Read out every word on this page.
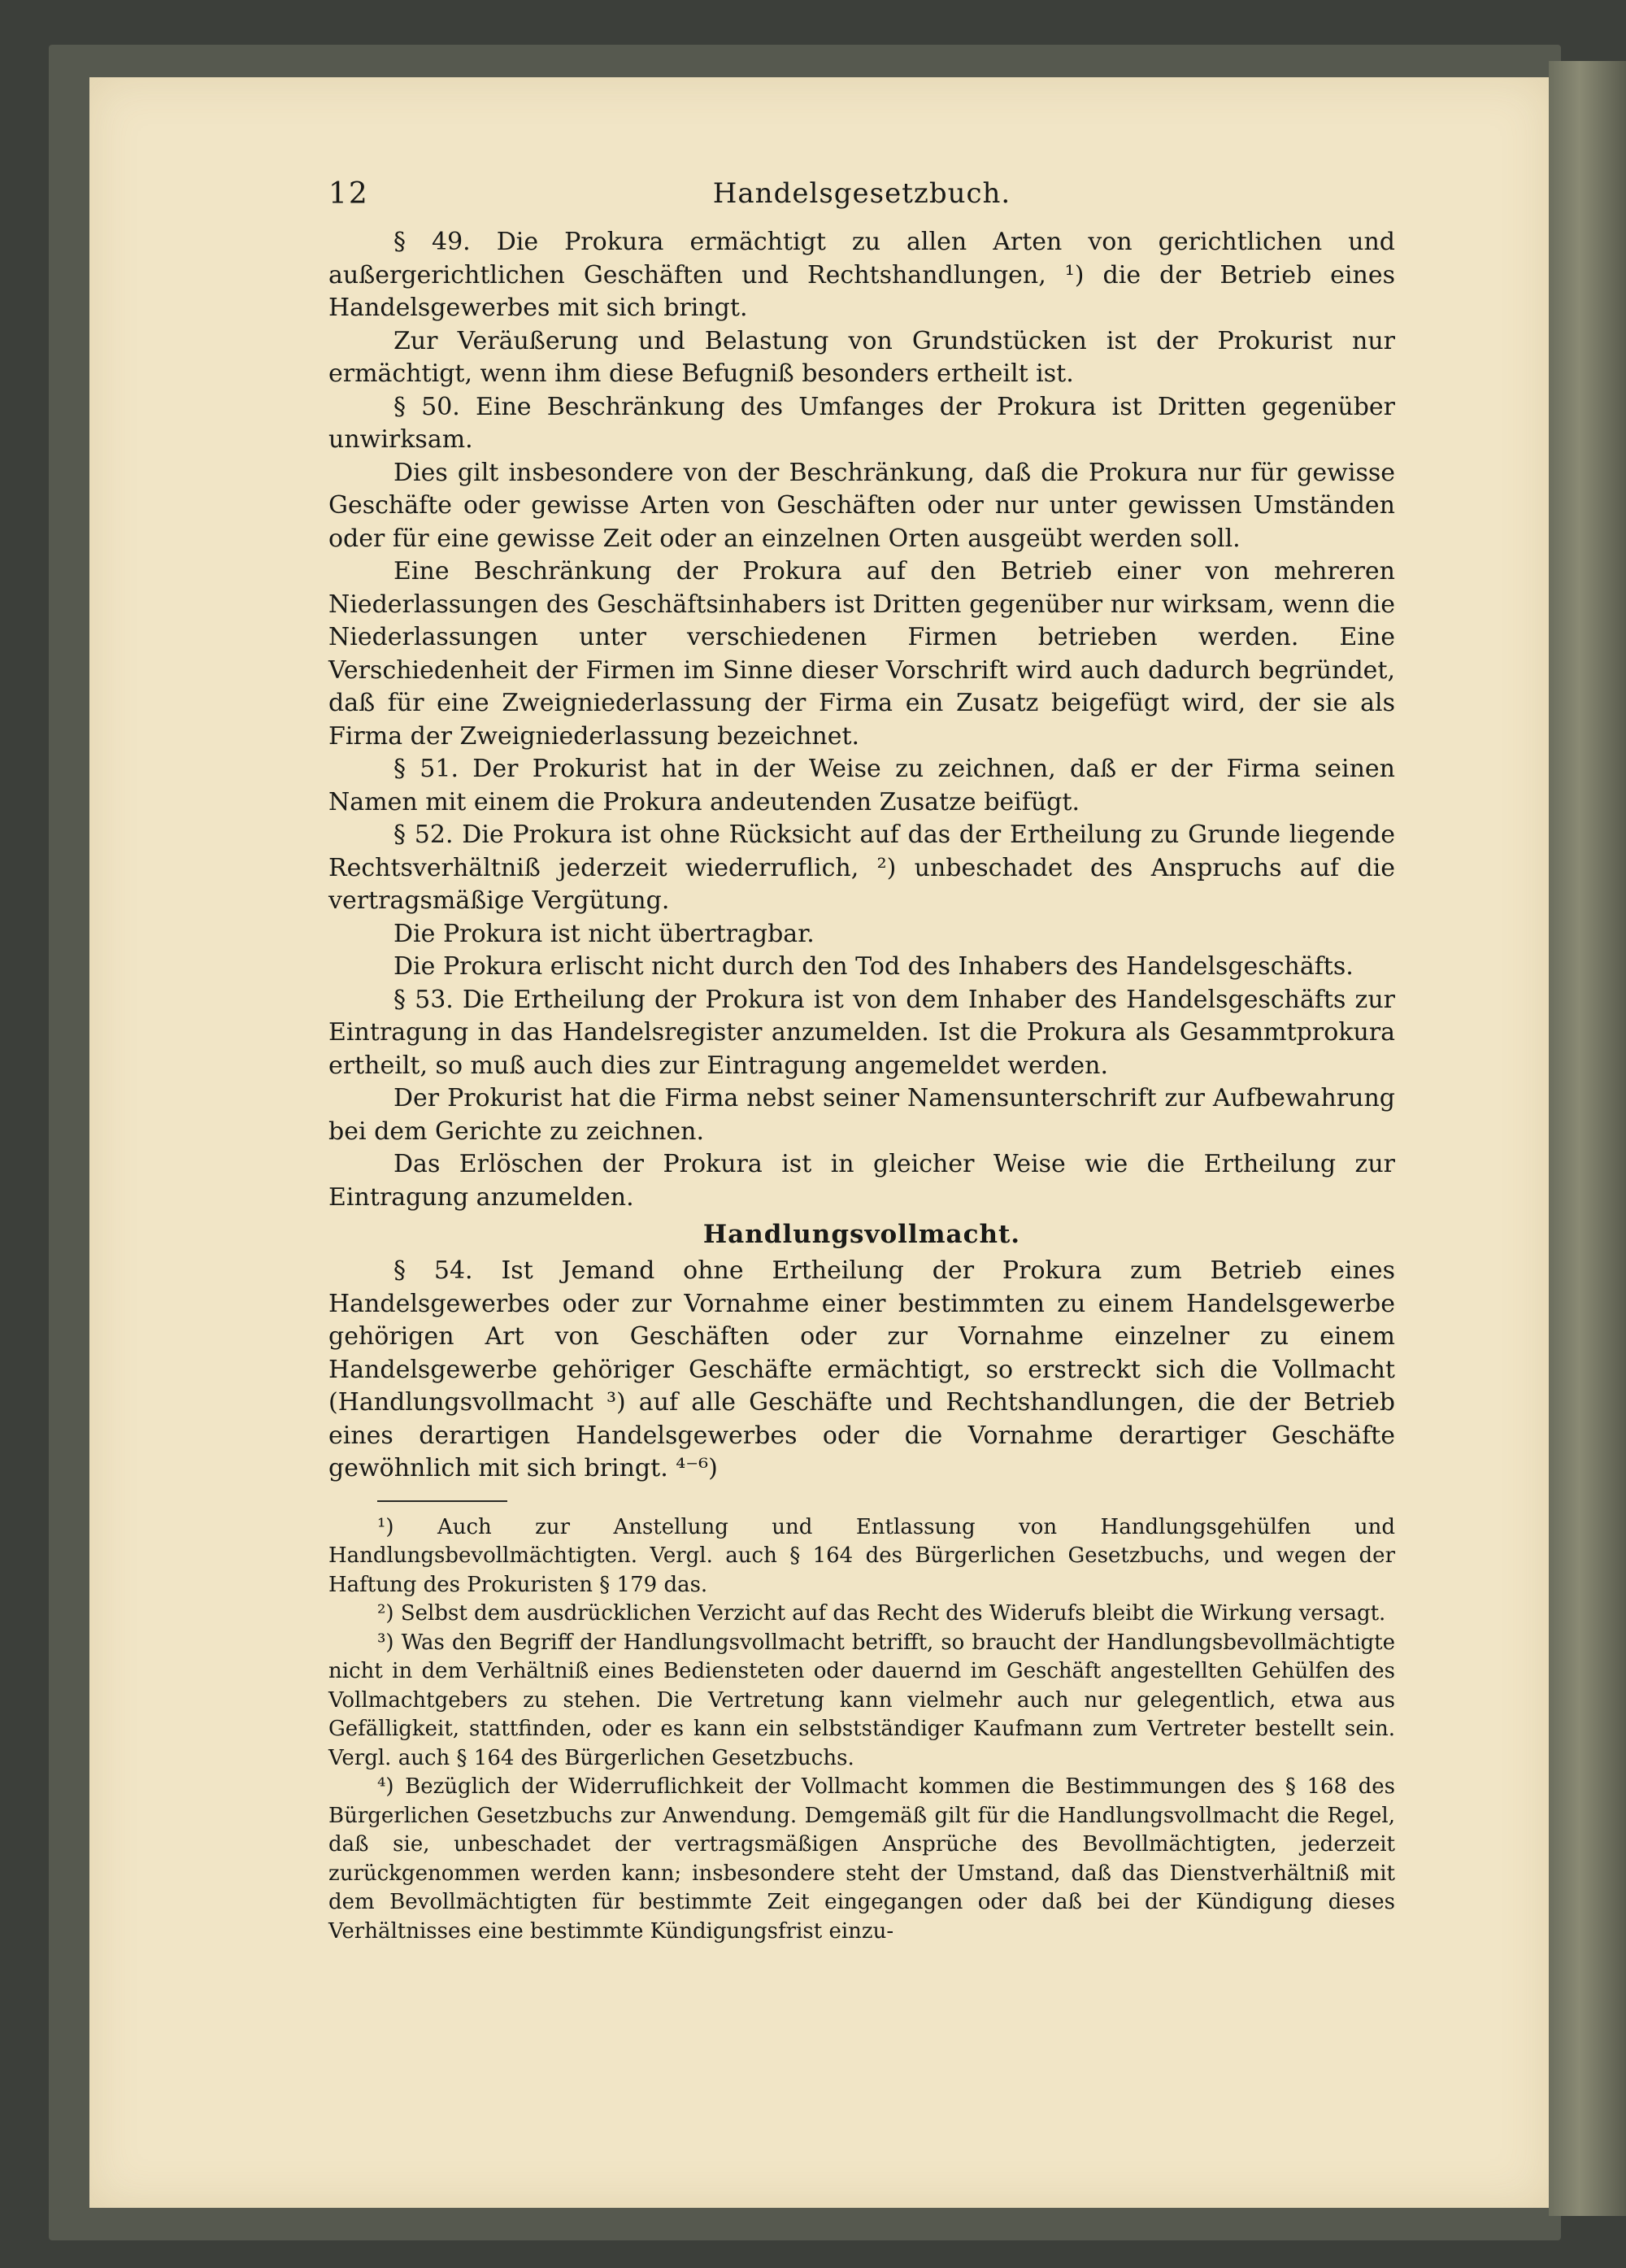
12	Handelsgesetzbuch.

§ 49. Die Prokura ermächtigt zu allen Arten von gerichtlichen und außergerichtlichen Geschäften und Rechtshandlungen, ¹) die der Betrieb eines Handelsgewerbes mit sich bringt.

Zur Veräußerung und Belastung von Grundstücken ist der Prokurist nur ermächtigt, wenn ihm diese Befugniß besonders ertheilt ist.

§ 50. Eine Beschränkung des Umfanges der Prokura ist Dritten gegenüber unwirksam.

Dies gilt insbesondere von der Beschränkung, daß die Prokura nur für gewisse Geschäfte oder gewisse Arten von Geschäften oder nur unter gewissen Umständen oder für eine gewisse Zeit oder an einzelnen Orten ausgeübt werden soll.

Eine Beschränkung der Prokura auf den Betrieb einer von mehreren Niederlassungen des Geschäftsinhabers ist Dritten gegenüber nur wirksam, wenn die Niederlassungen unter verschiedenen Firmen betrieben werden. Eine Verschiedenheit der Firmen im Sinne dieser Vorschrift wird auch dadurch begründet, daß für eine Zweigniederlassung der Firma ein Zusatz beigefügt wird, der sie als Firma der Zweigniederlassung bezeichnet.

§ 51. Der Prokurist hat in der Weise zu zeichnen, daß er der Firma seinen Namen mit einem die Prokura andeutenden Zusatze beifügt.

§ 52. Die Prokura ist ohne Rücksicht auf das der Ertheilung zu Grunde liegende Rechtsverhältniß jederzeit wiederruflich, ²) unbeschadet des Anspruchs auf die vertragsmäßige Vergütung.

Die Prokura ist nicht übertragbar.

Die Prokura erlischt nicht durch den Tod des Inhabers des Handelsgeschäfts.

§ 53. Die Ertheilung der Prokura ist von dem Inhaber des Handelsgeschäfts zur Eintragung in das Handelsregister anzumelden. Ist die Prokura als Gesammtprokura ertheilt, so muß auch dies zur Eintragung angemeldet werden.

Der Prokurist hat die Firma nebst seiner Namensunterschrift zur Aufbewahrung bei dem Gerichte zu zeichnen.

Das Erlöschen der Prokura ist in gleicher Weise wie die Ertheilung zur Eintragung anzumelden.

Handlungsvollmacht.

§ 54. Ist Jemand ohne Ertheilung der Prokura zum Betrieb eines Handelsgewerbes oder zur Vornahme einer bestimmten zu einem Handelsgewerbe gehörigen Art von Geschäften oder zur Vornahme einzelner zu einem Handelsgewerbe gehöriger Geschäfte ermächtigt, so erstreckt sich die Vollmacht (Handlungsvollmacht ³) auf alle Geschäfte und Rechtshandlungen, die der Betrieb eines derartigen Handelsgewerbes oder die Vornahme derartiger Geschäfte gewöhnlich mit sich bringt. ⁴⁻⁶)

¹) Auch zur Anstellung und Entlassung von Handlungsgehülfen und Handlungsbevollmächtigten. Vergl. auch § 164 des Bürgerlichen Gesetzbuchs, und wegen der Haftung des Prokuristen § 179 das.

²) Selbst dem ausdrücklichen Verzicht auf das Recht des Widerufs bleibt die Wirkung versagt.

³) Was den Begriff der Handlungsvollmacht betrifft, so braucht der Handlungsbevollmächtigte nicht in dem Verhältniß eines Bediensteten oder dauernd im Geschäft angestellten Gehülfen des Vollmachtgebers zu stehen. Die Vertretung kann vielmehr auch nur gelegentlich, etwa aus Gefälligkeit, stattfinden, oder es kann ein selbstständiger Kaufmann zum Vertreter bestellt sein. Vergl. auch § 164 des Bürgerlichen Gesetzbuchs.

⁴) Bezüglich der Widerruflichkeit der Vollmacht kommen die Bestimmungen des § 168 des Bürgerlichen Gesetzbuchs zur Anwendung. Demgemäß gilt für die Handlungsvollmacht die Regel, daß sie, unbeschadet der vertragsmäßigen Ansprüche des Bevollmächtigten, jederzeit zurückgenommen werden kann; insbesondere steht der Umstand, daß das Dienstverhältniß mit dem Bevollmächtigten für bestimmte Zeit eingegangen oder daß bei der Kündigung dieses Verhältnisses eine bestimmte Kündigungsfrist einzu-
